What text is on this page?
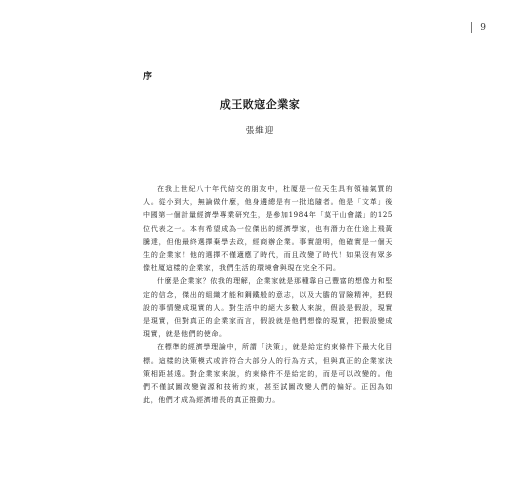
9
序
成王敗寇企業家
張維迎

在我上世紀八十年代結交的朋友中，杜厦是一位天生具有領袖氣質的人。從小到大，無論做什麼，他身邊總是有一批追隨者。他是「文革」後中國第一個計量經濟學專業研究生，是參加1984年「莫干山會議」的125位代表之一。本有希望成為一位傑出的經濟學家，也有潛力在仕途上飛黃騰達，但他最終選擇棄學去政，經商辦企業。事實證明，他確實是一個天生的企業家！他的選擇不僅適應了時代，而且改變了時代！如果沒有眾多像杜厦這樣的企業家，我們生活的環境會與現在完全不同。

什麼是企業家？依我的理解，企業家就是那種靠自己豐富的想像力和堅定的信念，傑出的組織才能和鋼鐵般的意志，以及大膽的冒險精神，把假設的事情變成現實的人。對生活中的絕大多數人來說，假設是假設，現實是現實，但對真正的企業家而言，假設就是他們想像的現實，把假設變成現實，就是他們的使命。

在標準的經濟學理論中，所謂「決策」，就是給定約束條件下最大化目標。這樣的決策模式或許符合大部分人的行為方式，但與真正的企業家決策相距甚遠。對企業家來說，約束條件不是給定的，而是可以改變的。他們不僅試圖改變資源和技術約束，甚至試圖改變人們的偏好。正因為如此，他們才成為經濟增長的真正推動力。
